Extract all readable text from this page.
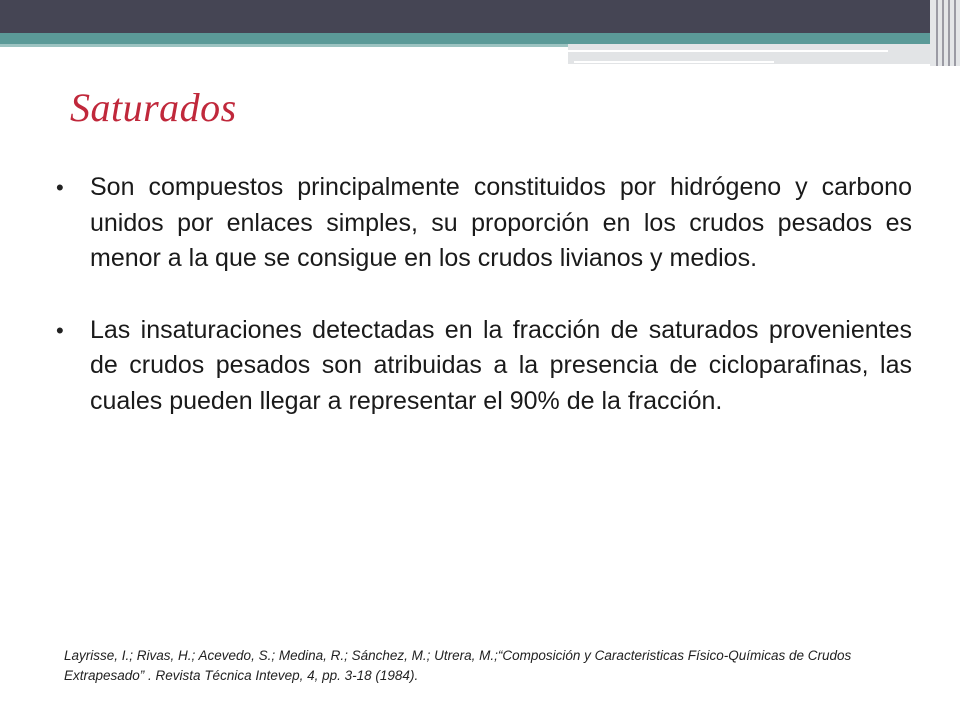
Saturados
• Son compuestos principalmente constituidos por hidrógeno y carbono unidos por enlaces simples, su proporción en los crudos pesados es menor a la que se consigue en los crudos livianos y medios.
• Las insaturaciones detectadas en la fracción de saturados provenientes de crudos pesados son atribuidas a la presencia de cicloparafinas, las cuales pueden llegar a representar el 90% de la fracción.

Layrisse, I.; Rivas, H.; Acevedo, S.; Medina, R.; Sánchez, M.; Utrera, M.;“Composición y Caracteristicas Físico-Químicas de Crudos Extrapesado” . Revista Técnica Intevep, 4, pp. 3-18 (1984).
